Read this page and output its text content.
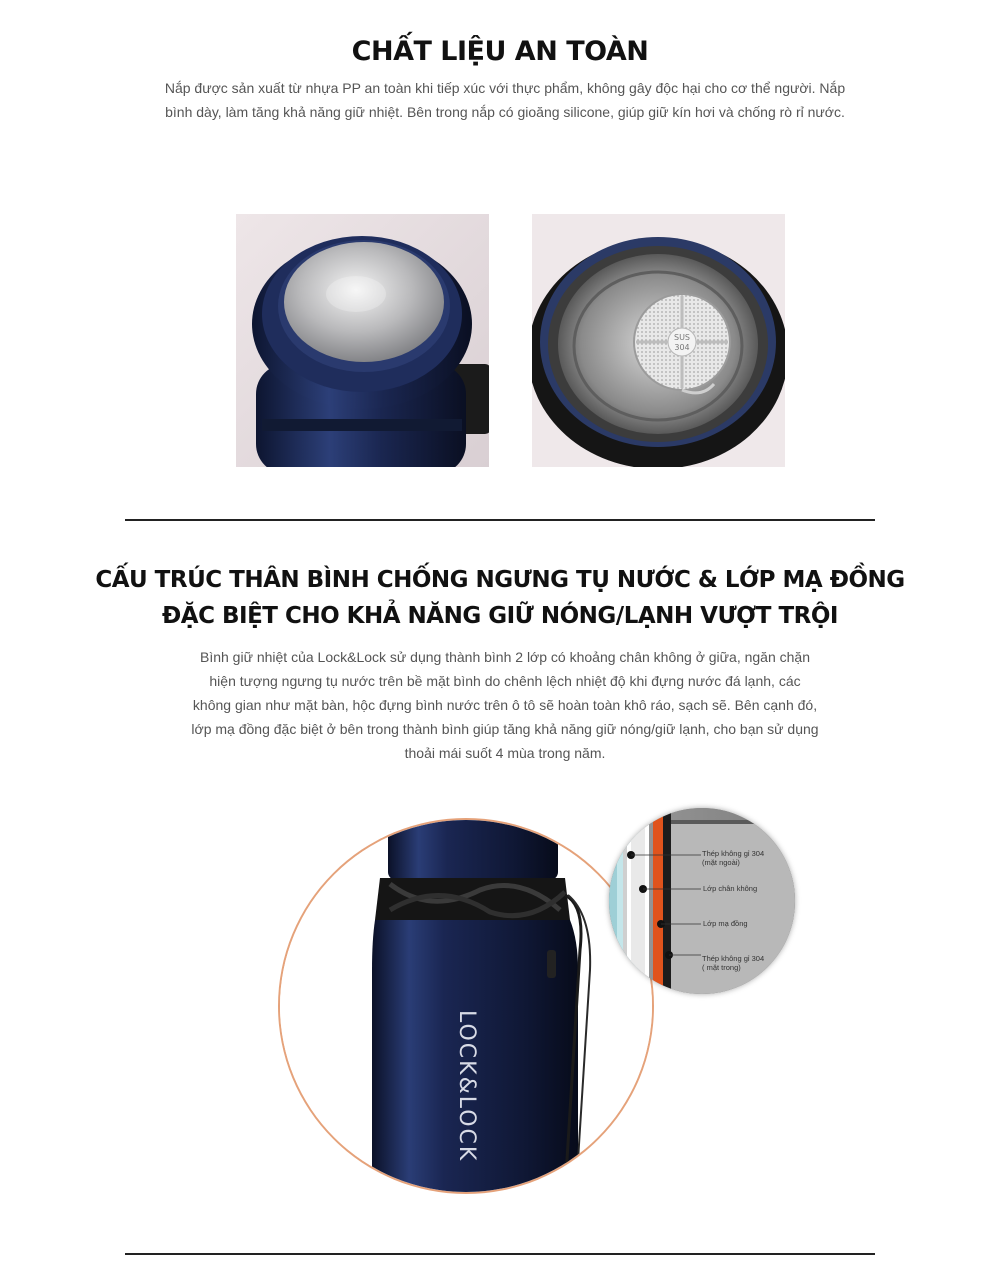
CHẤT LIỆU AN TOÀN
Nắp được sản xuất từ nhựa PP an toàn khi tiếp xúc với thực phẩm, không gây độc hại cho cơ thể người. Nắp bình dày, làm tăng khả năng giữ nhiệt. Bên trong nắp có gioăng silicone, giúp giữ kín hơi và chống rò rỉ nước.
SUS
304
CẤU TRÚC THÂN BÌNH CHỐNG NGƯNG TỤ NƯỚC & LỚP MẠ ĐỒNG
ĐẶC BIỆT CHO KHẢ NĂNG GIỮ NÓNG/LẠNH VƯỢT TRỘI
Bình giữ nhiệt của Lock&Lock sử dụng thành bình 2 lớp có khoảng chân không ở giữa, ngăn chặn hiện tượng ngưng tụ nước trên bề mặt bình do chênh lệch nhiệt độ khi đựng nước đá lạnh, các không gian như mặt bàn, hộc đựng bình nước trên ô tô sẽ hoàn toàn khô ráo, sạch sẽ. Bên cạnh đó, lớp mạ đồng đặc biệt ở bên trong thành bình giúp tăng khả năng giữ nóng/giữ lạnh, cho bạn sử dụng thoải mái suốt 4 mùa trong năm.
LOCK&LOCK
Thép không gỉ 304
(mặt ngoài)
Lớp chân không
Lớp mạ đồng
Thép không gỉ 304
( mặt trong)
